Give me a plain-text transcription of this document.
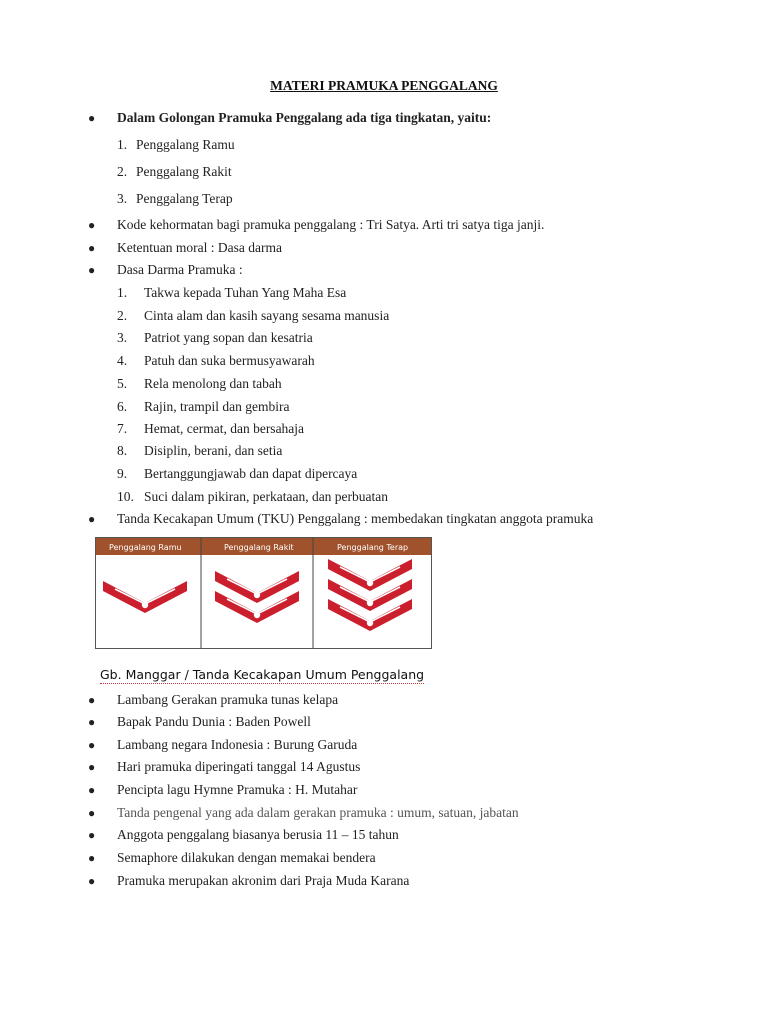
MATERI PRAMUKA PENGGALANG
●	Dalam Golongan Pramuka Penggalang ada tiga tingkatan, yaitu:
1. Penggalang Ramu
2. Penggalang Rakit
3. Penggalang Terap
●	Kode kehormatan bagi pramuka penggalang : Tri Satya. Arti tri satya tiga janji.
●	Ketentuan moral : Dasa darma
●	Dasa Darma Pramuka :
1. Takwa kepada Tuhan Yang Maha Esa
2. Cinta alam dan kasih sayang sesama manusia
3. Patriot yang sopan dan kesatria
4. Patuh dan suka bermusyawarah
5. Rela menolong dan tabah
6. Rajin, trampil dan gembira
7. Hemat, cermat, dan bersahaja
8. Disiplin, berani, dan setia
9. Bertanggungjawab dan dapat dipercaya
10. Suci dalam pikiran, perkataan, dan perbuatan
●	Tanda Kecakapan Umum (TKU) Penggalang : membedakan tingkatan anggota pramuka
Penggalang Ramu	Penggalang Rakit	Penggalang Terap
Gb. Manggar / Tanda Kecakapan Umum Penggalang
●	Lambang Gerakan pramuka tunas kelapa
●	Bapak Pandu Dunia : Baden Powell
●	Lambang negara Indonesia : Burung Garuda
●	Hari pramuka diperingati tanggal 14 Agustus
●	Pencipta lagu Hymne Pramuka : H. Mutahar
●	Tanda pengenal yang ada dalam gerakan pramuka : umum, satuan, jabatan
●	Anggota penggalang biasanya berusia 11 – 15 tahun
●	Semaphore dilakukan dengan memakai bendera
●	Pramuka merupakan akronim dari Praja Muda Karana
